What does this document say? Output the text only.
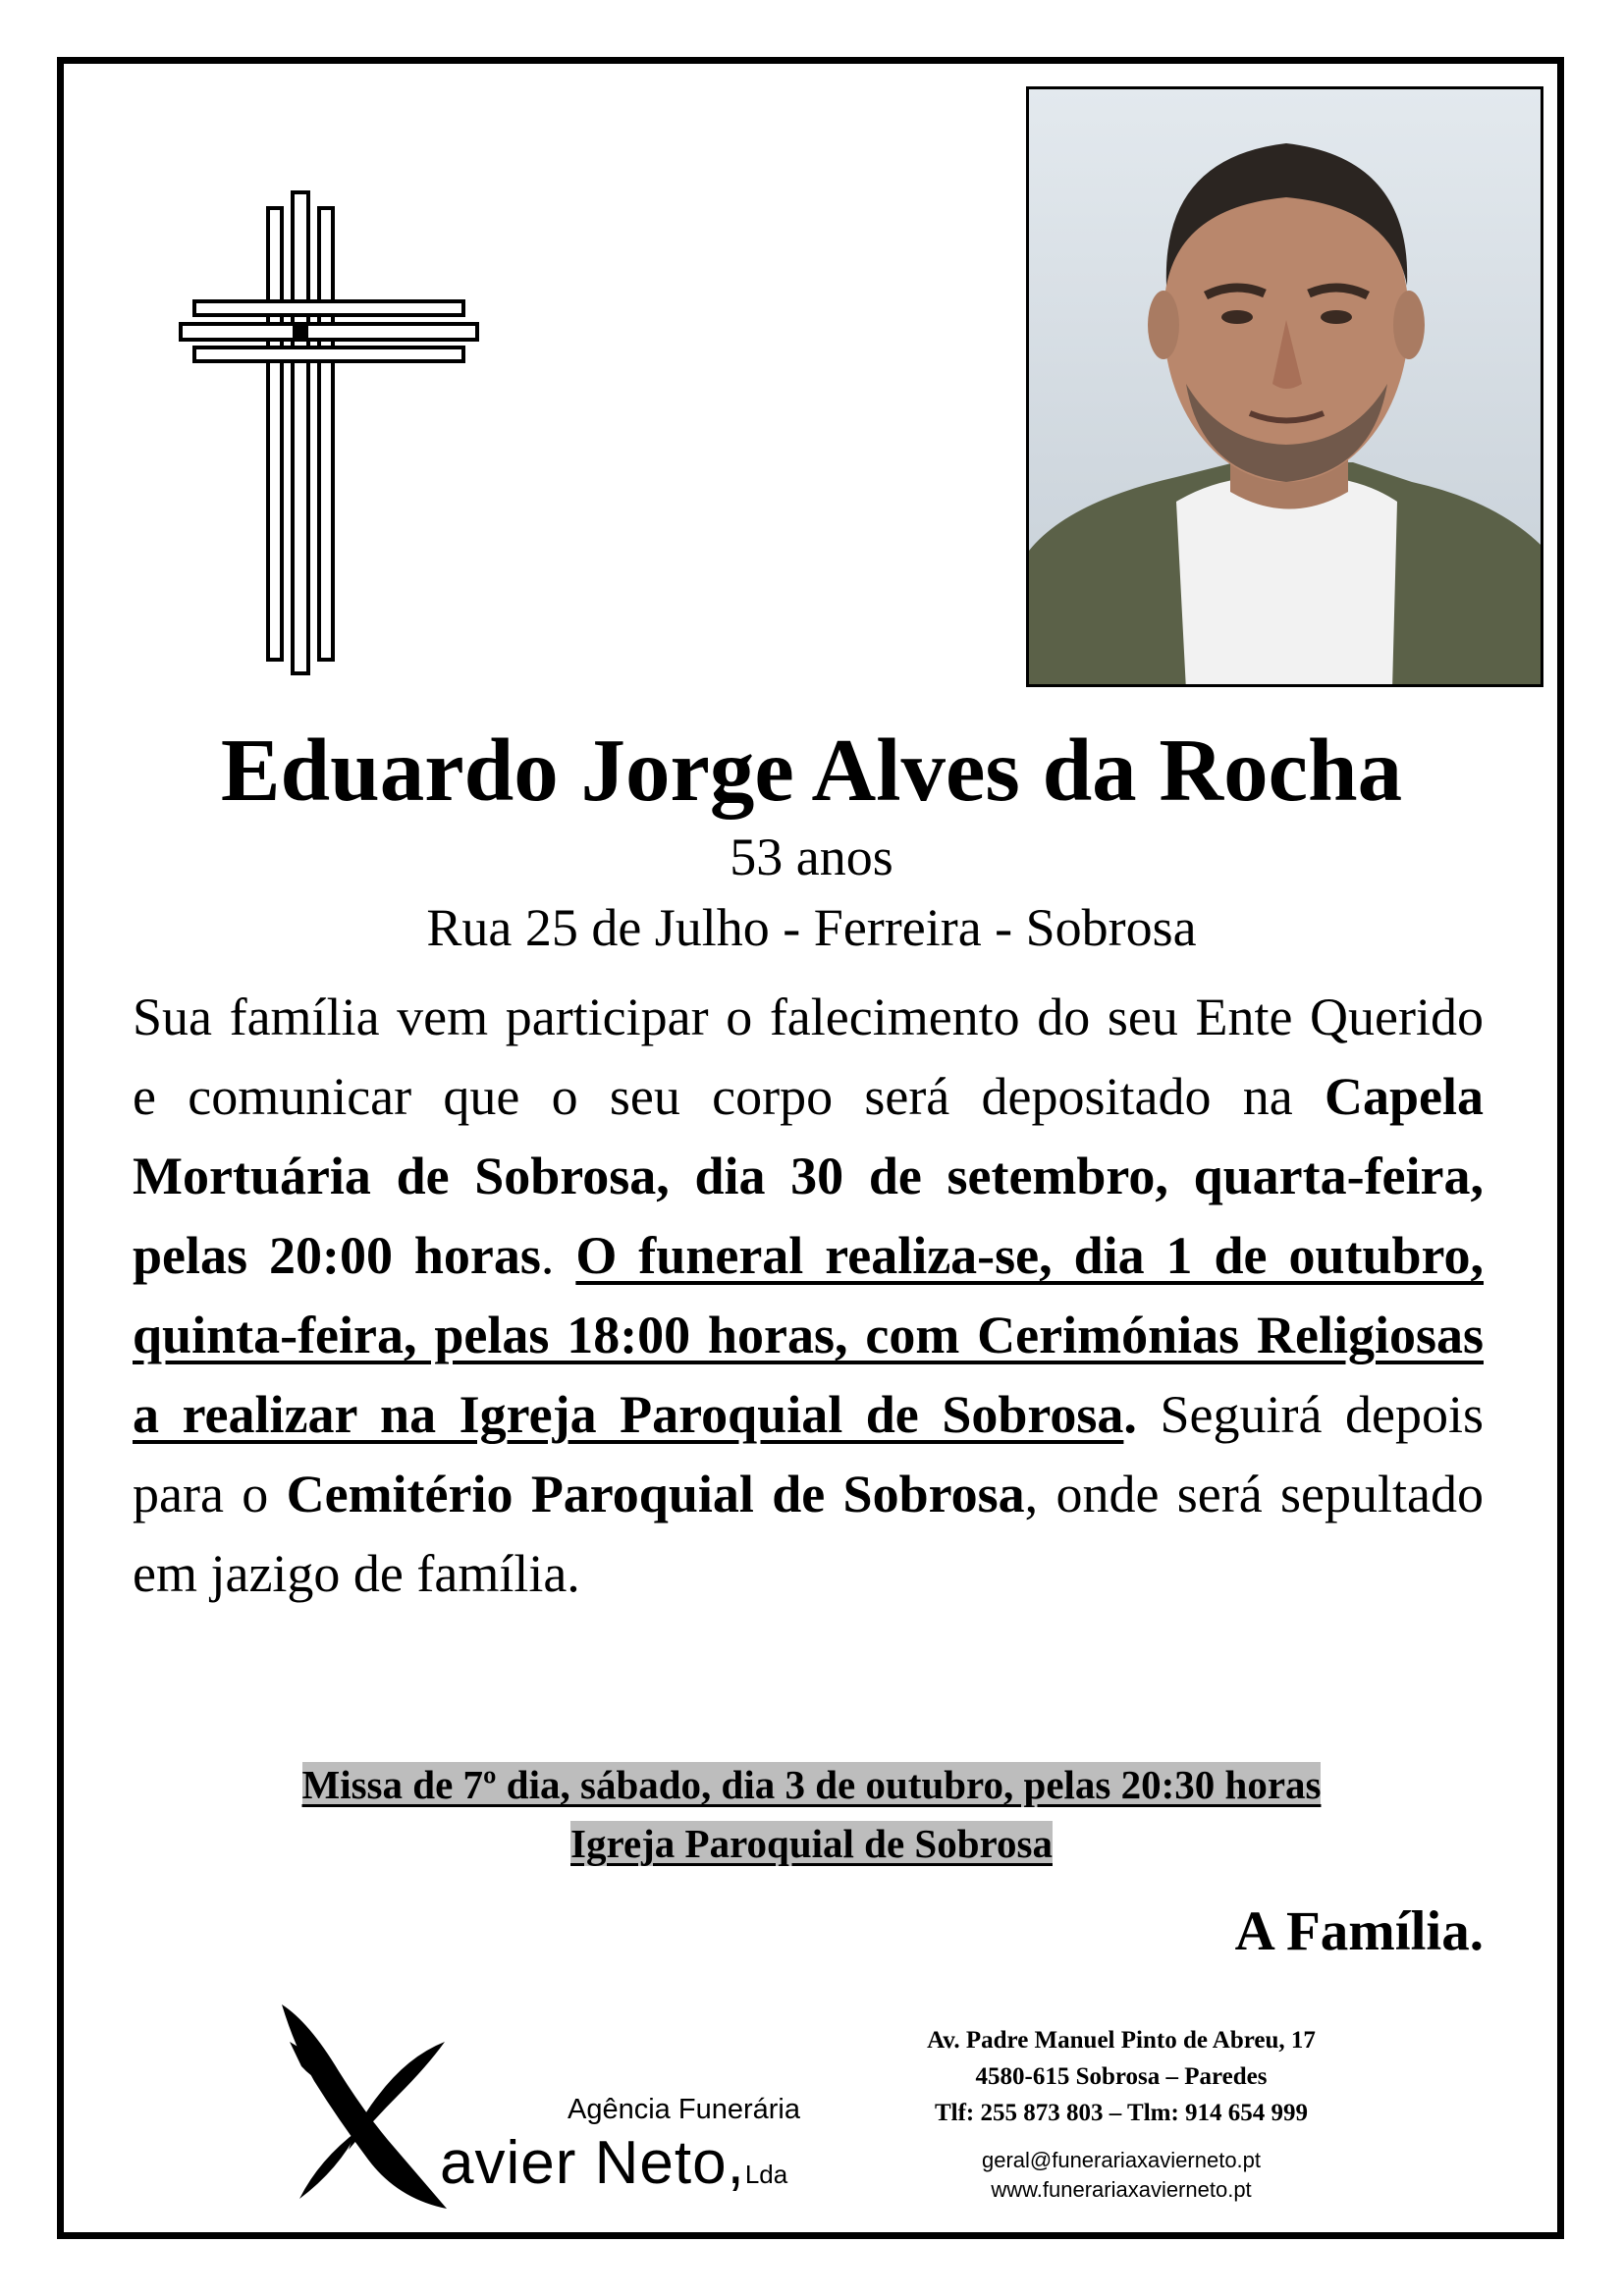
Eduardo Jorge Alves da Rocha
53 anos
Rua 25 de Julho - Ferreira - Sobrosa
Sua família vem participar o falecimento do seu Ente Querido e comunicar que o seu corpo será depositado na Capela Mortuária de Sobrosa, dia 30 de setembro, quarta-feira, pelas 20:00 horas. O funeral realiza-se, dia 1 de outubro, quinta-feira, pelas 18:00 horas, com Cerimónias Religiosas a realizar na Igreja Paroquial de Sobrosa. Seguirá depois para o Cemitério Paroquial de Sobrosa, onde será sepultado em jazigo de família.
Missa de 7º dia, sábado, dia 3 de outubro, pelas 20:30 horas
Igreja Paroquial de Sobrosa
A Família.
Agência Funerária
avier Neto,Lda
Av. Padre Manuel Pinto de Abreu, 17
4580-615 Sobrosa – Paredes
Tlf: 255 873 803 – Tlm: 914 654 999
geral@funerariaxavierneto.pt
www.funerariaxavierneto.pt
